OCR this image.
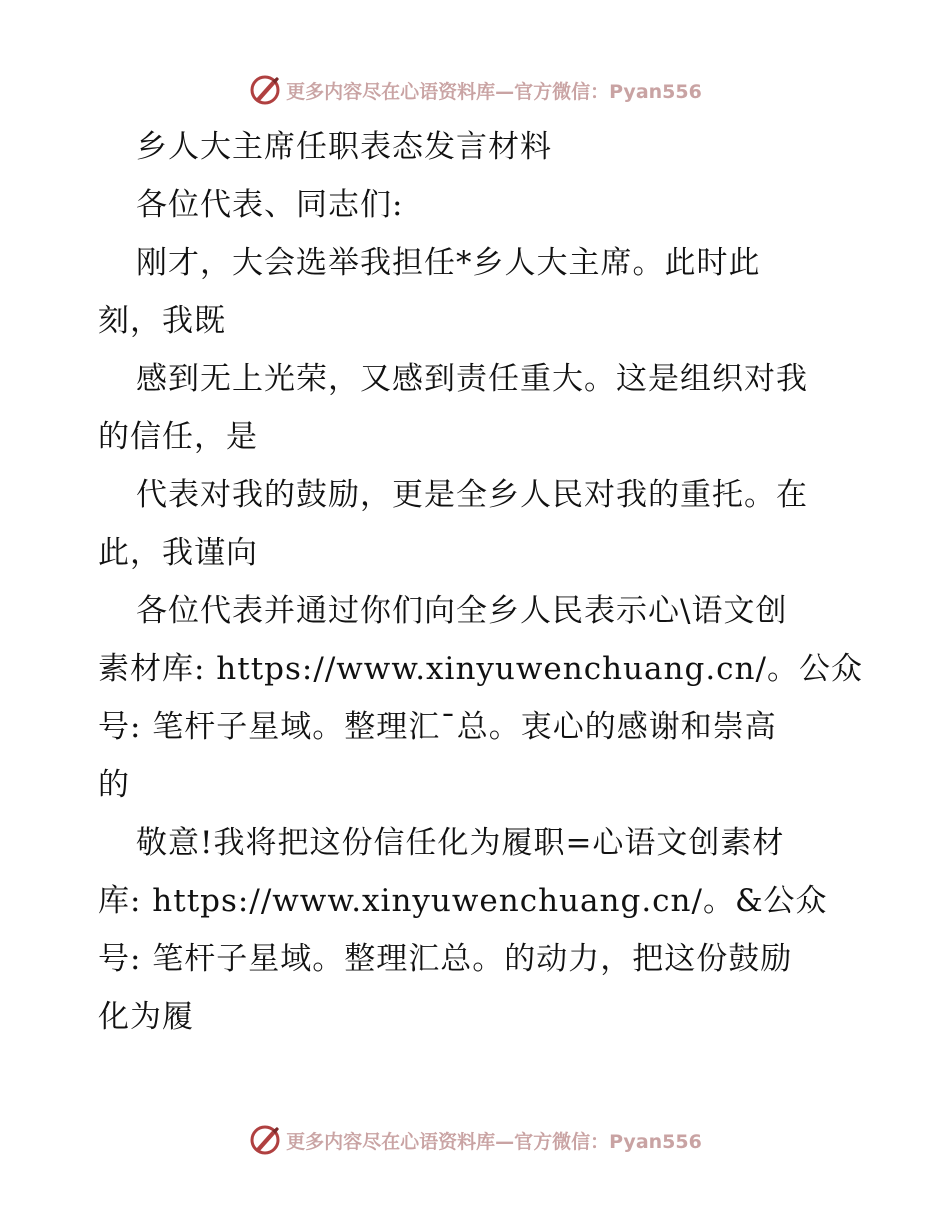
更多内容尽在心语资料库—官方微信：Pyan556
乡人大主席任职表态发言材料
各位代表、同志们:
刚才，大会选举我担任*乡人大主席。此时此
刻，我既
感到无上光荣，又感到责任重大。这是组织对我
的信任，是
代表对我的鼓励，更是全乡人民对我的重托。在
此，我谨向
各位代表并通过你们向全乡人民表示心\语文创
素材库: https://www.xinyuwenchuang.cn/。公众
号: 笔杆子星域。整理汇¯总。衷心的感谢和崇高
的
敬意!我将把这份信任化为履职=心语文创素材
库: https://www.xinyuwenchuang.cn/。&公众
号: 笔杆子星域。整理汇总。的动力，把这份鼓励
化为履
更多内容尽在心语资料库—官方微信：Pyan556
